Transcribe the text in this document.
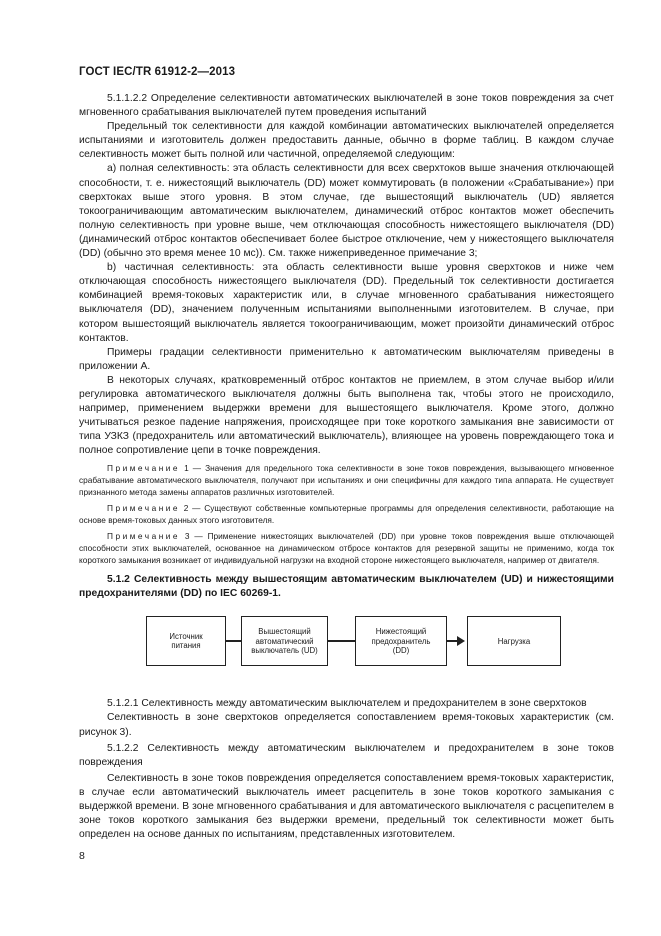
ГОСТ IEC/TR 61912-2—2013

5.1.1.2.2 Определение селективности автоматических выключателей в зоне токов повреждения за счет мгновенного срабатывания выключателей путем проведения испытаний

Предельный ток селективности для каждой комбинации автоматических выключателей определяется испытаниями и изготовитель должен предоставить данные, обычно в форме таблиц. В каждом случае селективность может быть полной или частичной, определяемой следующим:

a) полная селективность: эта область селективности для всех сверхтоков выше значения отключающей способности, т. е. нижестоящий выключатель (DD) может коммутировать (в положении «Срабатывание») при сверхтоках выше этого уровня. В этом случае, где вышестоящий выключатель (UD) является токоограничивающим автоматическим выключателем, динамический отброс контактов может обеспечить полную селективность при уровне выше, чем отключающая способность нижестоящего выключателя (DD) (динамический отброс контактов обеспечивает более быстрое отключение, чем у нижестоящего выключателя (DD) (обычно это время менее 10 мс)). См. также нижеприведенное примечание 3;

b) частичная селективность: эта область селективности выше уровня сверхтоков и ниже чем отключающая способность нижестоящего выключателя (DD). Предельный ток селективности достигается комбинацией время-токовых характеристик или, в случае мгновенного срабатывания нижестоящего выключателя (DD), значением полученным испытаниями выполненными изготовителем. В случае, при котором вышестоящий выключатель является токоограничивающим, может произойти динамический отброс контактов.

Примеры градации селективности применительно к автоматическим выключателям приведены в приложении А.

В некоторых случаях, кратковременный отброс контактов не приемлем, в этом случае выбор и/или регулировка автоматического выключателя должны быть выполнена так, чтобы этого не происходило, например, применением выдержки времени для вышестоящего выключателя. Кроме этого, должно учитываться резкое падение напряжения, происходящее при токе короткого замыкания вне зависимости от типа УЗКЗ (предохранитель или автоматический выключатель), влияющее на уровень повреждающего тока и полное сопротивление цепи в точке повреждения.

Примечание 1 — Значения для предельного тока селективности в зоне токов повреждения, вызывающего мгновенное срабатывание автоматического выключателя, получают при испытаниях и они специфичны для каждого типа аппарата. Не существует признанного метода замены аппаратов различных изготовителей.

Примечание 2 — Существуют собственные компьютерные программы для определения селективности, работающие на основе время-токовых данных этого изготовителя.

Примечание 3 — Применение нижестоящих выключателей (DD) при уровне токов повреждения выше отключающей способности этих выключателей, основанное на динамическом отбросе контактов для резервной защиты не применимо, когда ток короткого замыкания возникает от индивидуальной нагрузки на входной стороне нижестоящего выключателя, например от двигателя.

5.1.2 Селективность между вышестоящим автоматическим выключателем (UD) и нижестоящими предохранителями (DD) по IEC 60269-1.

Источник
питания
Вышестоящий
автоматический
выключатель (UD)
Нижестоящий
предохранитель
(DD)
Нагрузка

5.1.2.1 Селективность между автоматическим выключателем и предохранителем в зоне сверхтоков

Селективность в зоне сверхтоков определяется сопоставлением время-токовых характеристик (см. рисунок 3).

5.1.2.2 Селективность между автоматическим выключателем и предохранителем в зоне токов повреждения

Селективность в зоне токов повреждения определяется сопоставлением время-токовых характеристик, в случае если автоматический выключатель имеет расцепитель в зоне токов короткого замыкания с выдержкой времени. В зоне мгновенного срабатывания и для автоматического выключателя с расцепителем в зоне токов короткого замыкания без выдержки времени, предельный ток селективности может быть определен на основе данных по испытаниям, представленных изготовителем.

8
